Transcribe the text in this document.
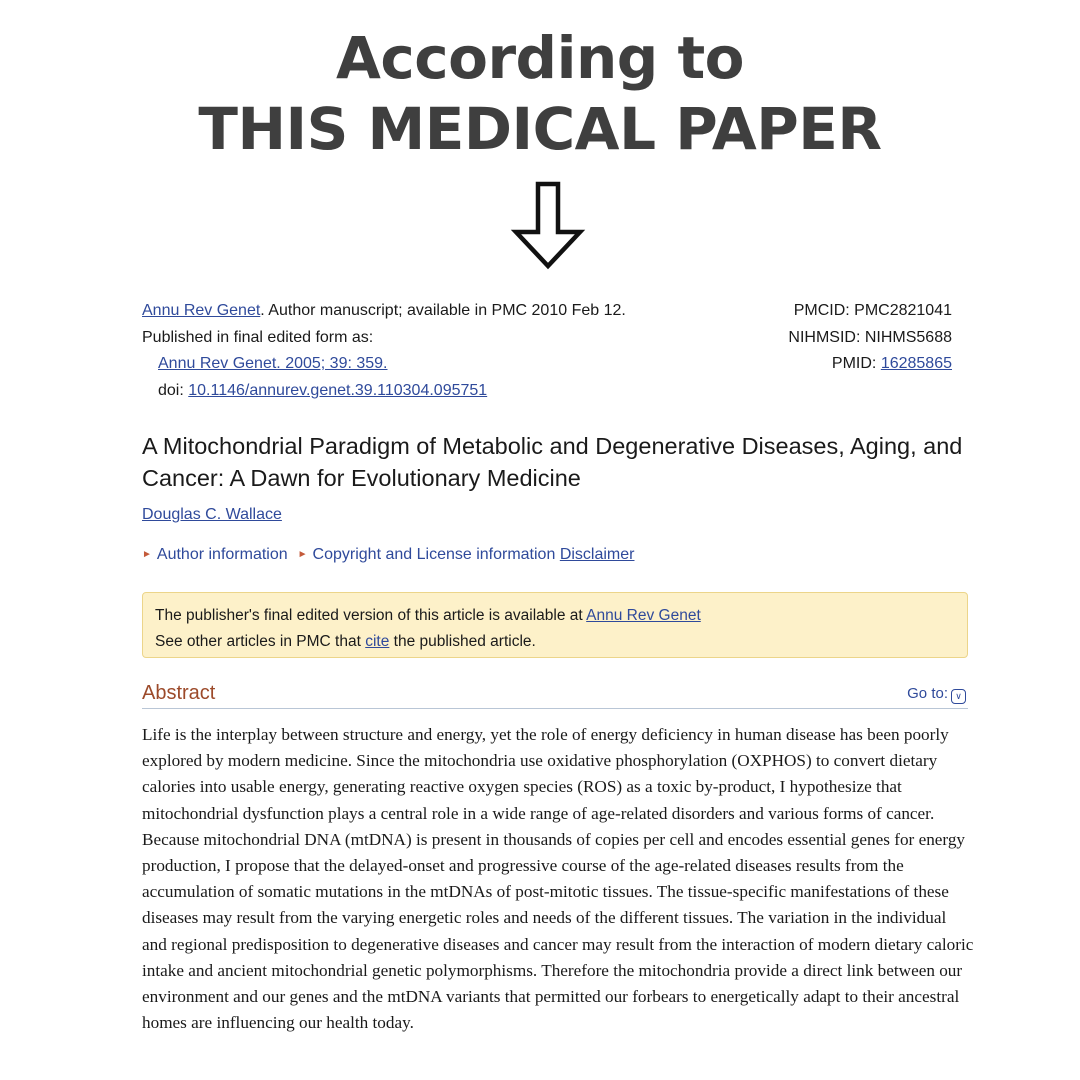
According to
THIS MEDICAL PAPER
Annu Rev Genet. Author manuscript; available in PMC 2010 Feb 12.
Published in final edited form as:
Annu Rev Genet. 2005; 39: 359.
doi: 10.1146/annurev.genet.39.110304.095751
PMCID: PMC2821041
NIHMSID: NIHMS5688
PMID: 16285865
A Mitochondrial Paradigm of Metabolic and Degenerative Diseases, Aging, and Cancer: A Dawn for Evolutionary Medicine
Douglas C. Wallace
► Author information ► Copyright and License information Disclaimer
The publisher's final edited version of this article is available at Annu Rev Genet
See other articles in PMC that cite the published article.
Abstract	Go to: ∨
Life is the interplay between structure and energy, yet the role of energy deficiency in human disease has been poorly explored by modern medicine. Since the mitochondria use oxidative phosphorylation (OXPHOS) to convert dietary calories into usable energy, generating reactive oxygen species (ROS) as a toxic by-product, I hypothesize that mitochondrial dysfunction plays a central role in a wide range of age-related disorders and various forms of cancer. Because mitochondrial DNA (mtDNA) is present in thousands of copies per cell and encodes essential genes for energy production, I propose that the delayed-onset and progressive course of the age-related diseases results from the accumulation of somatic mutations in the mtDNAs of post-mitotic tissues. The tissue-specific manifestations of these diseases may result from the varying energetic roles and needs of the different tissues. The variation in the individual and regional predisposition to degenerative diseases and cancer may result from the interaction of modern dietary caloric intake and ancient mitochondrial genetic polymorphisms. Therefore the mitochondria provide a direct link between our environment and our genes and the mtDNA variants that permitted our forbears to energetically adapt to their ancestral homes are influencing our health today.
